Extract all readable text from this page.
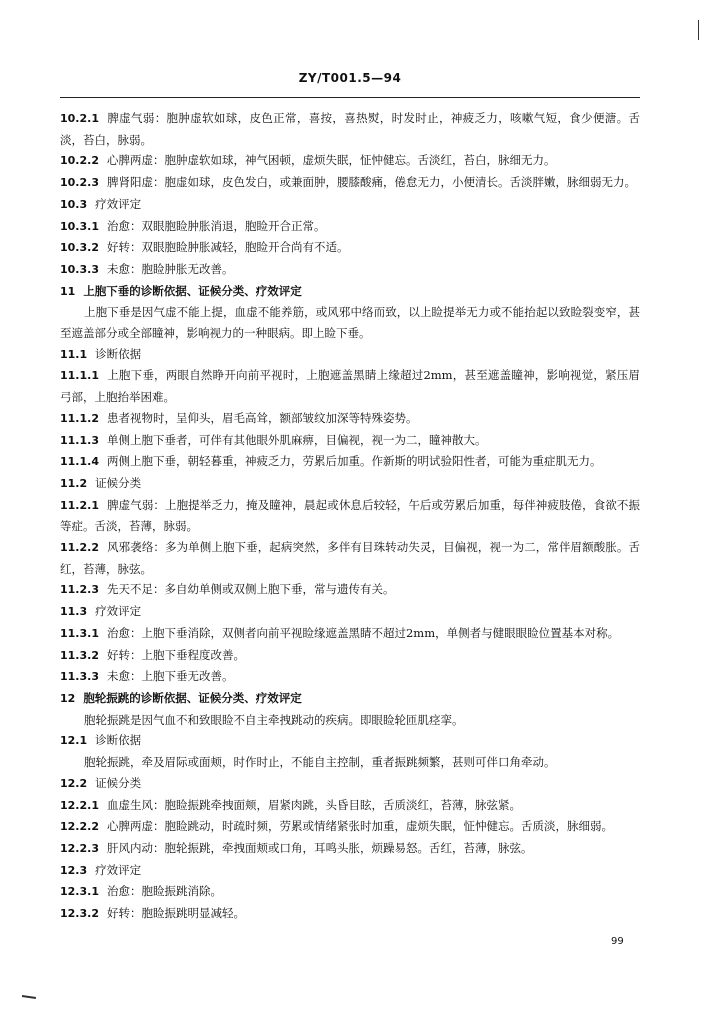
ZY/T001.5—94

10.2.1 脾虚气弱：胞肿虚软如球，皮色正常，喜按，喜热熨，时发时止，神疲乏力，咳嗽气短，食少便溏。舌淡，苔白，脉弱。

10.2.2 心脾两虚：胞肿虚软如球，神气困顿，虚烦失眠，怔忡健忘。舌淡红，苔白，脉细无力。

10.2.3 脾肾阳虚：胞虚如球，皮色发白，或兼面肿，腰膝酸痛，倦怠无力，小便清长。舌淡胖嫩，脉细弱无力。

10.3 疗效评定

10.3.1 治愈：双眼胞睑肿胀消退，胞睑开合正常。

10.3.2 好转：双眼胞睑肿胀减轻，胞睑开合尚有不适。

10.3.3 未愈：胞睑肿胀无改善。

11 上胞下垂的诊断依据、证候分类、疗效评定

上胞下垂是因气虚不能上提，血虚不能养筋，或风邪中络而致，以上睑提举无力或不能抬起以致睑裂变窄，甚至遮盖部分或全部瞳神，影响视力的一种眼病。即上睑下垂。

11.1 诊断依据

11.1.1 上胞下垂，两眼自然睁开向前平视时，上胞遮盖黑睛上缘超过2mm，甚至遮盖瞳神，影响视觉，紧压眉弓部，上胞抬举困难。

11.1.2 患者视物时，呈仰头，眉毛高耸，额部皱纹加深等特殊姿势。

11.1.3 单侧上胞下垂者，可伴有其他眼外肌麻痹，目偏视，视一为二，瞳神散大。

11.1.4 两侧上胞下垂，朝轻暮重，神疲乏力，劳累后加重。作新斯的明试验阳性者，可能为重症肌无力。

11.2 证候分类

11.2.1 脾虚气弱：上胞提举乏力，掩及瞳神，晨起或休息后较轻，午后或劳累后加重，每伴神疲肢倦，食欲不振等症。舌淡，苔薄，脉弱。

11.2.2 风邪袭络：多为单侧上胞下垂，起病突然，多伴有目珠转动失灵，目偏视，视一为二，常伴眉额酸胀。舌红，苔薄，脉弦。

11.2.3 先天不足：多自幼单侧或双侧上胞下垂，常与遗传有关。

11.3 疗效评定

11.3.1 治愈：上胞下垂消除，双侧者向前平视睑缘遮盖黑睛不超过2mm，单侧者与健眼眼睑位置基本对称。

11.3.2 好转：上胞下垂程度改善。

11.3.3 未愈：上胞下垂无改善。

12 胞轮振跳的诊断依据、证候分类、疗效评定

胞轮振跳是因气血不和致眼睑不自主牵拽跳动的疾病。即眼睑轮匝肌痉挛。

12.1 诊断依据

胞轮振跳，牵及眉际或面颊，时作时止，不能自主控制，重者振跳频繁，甚则可伴口角牵动。

12.2 证候分类

12.2.1 血虚生风：胞睑振跳牵拽面颊，眉紧肉跳，头昏目眩，舌质淡红，苔薄，脉弦紧。

12.2.2 心脾两虚：胞睑跳动，时疏时频，劳累或情绪紧张时加重，虚烦失眠，怔忡健忘。舌质淡，脉细弱。

12.2.3 肝风内动：胞轮振跳，牵拽面颊或口角，耳鸣头胀，烦躁易怒。舌红，苔薄，脉弦。

12.3 疗效评定

12.3.1 治愈：胞睑振跳消除。

12.3.2 好转：胞睑振跳明显减轻。

99
